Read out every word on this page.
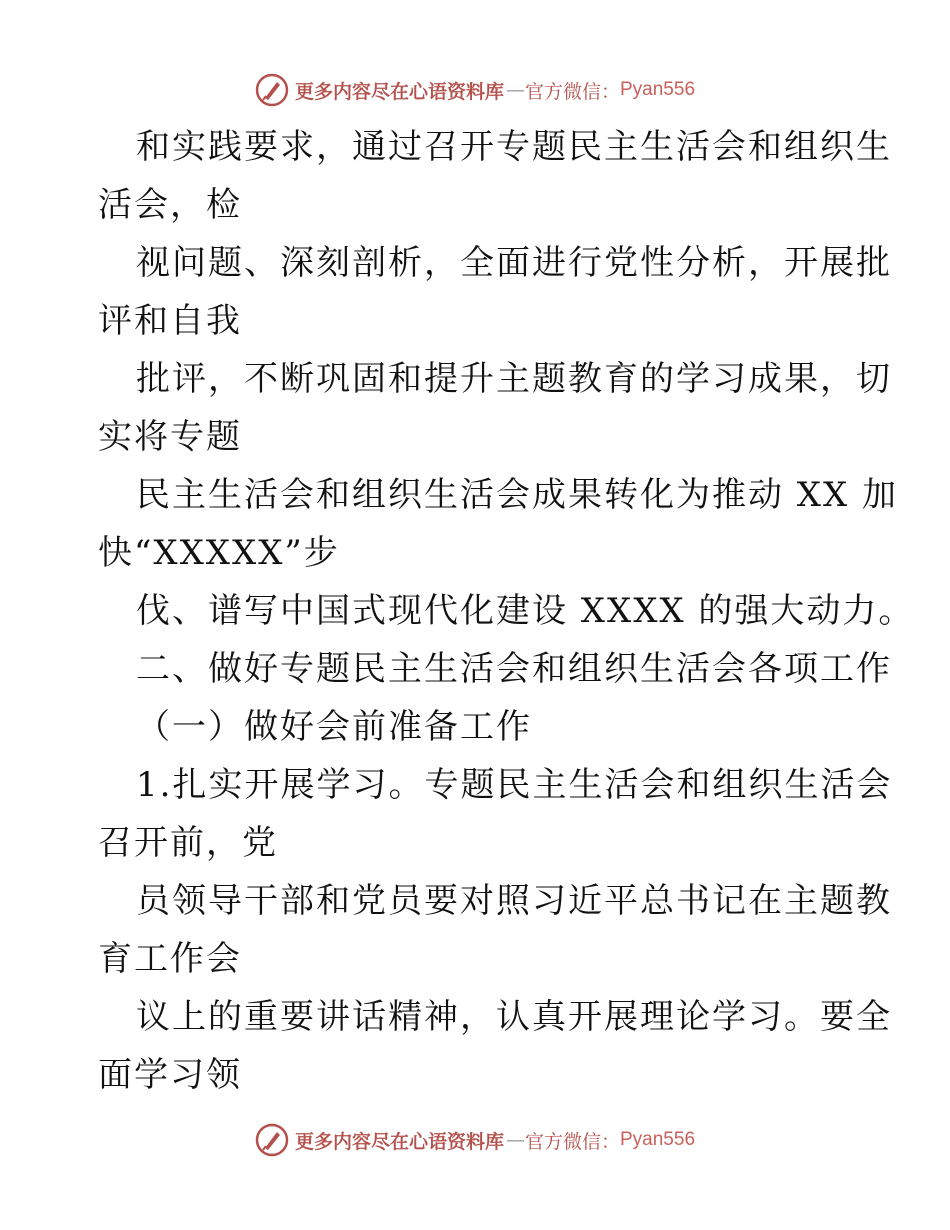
更多内容尽在心语资料库 — 官方微信： Pyan556
和实践要求，通过召开专题民主生活会和组织生
活会，检
视问题、深刻剖析，全面进行党性分析，开展批
评和自我
批评，不断巩固和提升主题教育的学习成果，切
实将专题
民主生活会和组织生活会成果转化为推动 XX 加
快“XXXXX”步
伐、谱写中国式现代化建设 XXXX 的强大动力。
二、做好专题民主生活会和组织生活会各项工作
（一）做好会前准备工作
1.扎实开展学习。专题民主生活会和组织生活会
召开前，党
员领导干部和党员要对照习近平总书记在主题教
育工作会
议上的重要讲话精神，认真开展理论学习。要全
面学习领
更多内容尽在心语资料库 — 官方微信： Pyan556
